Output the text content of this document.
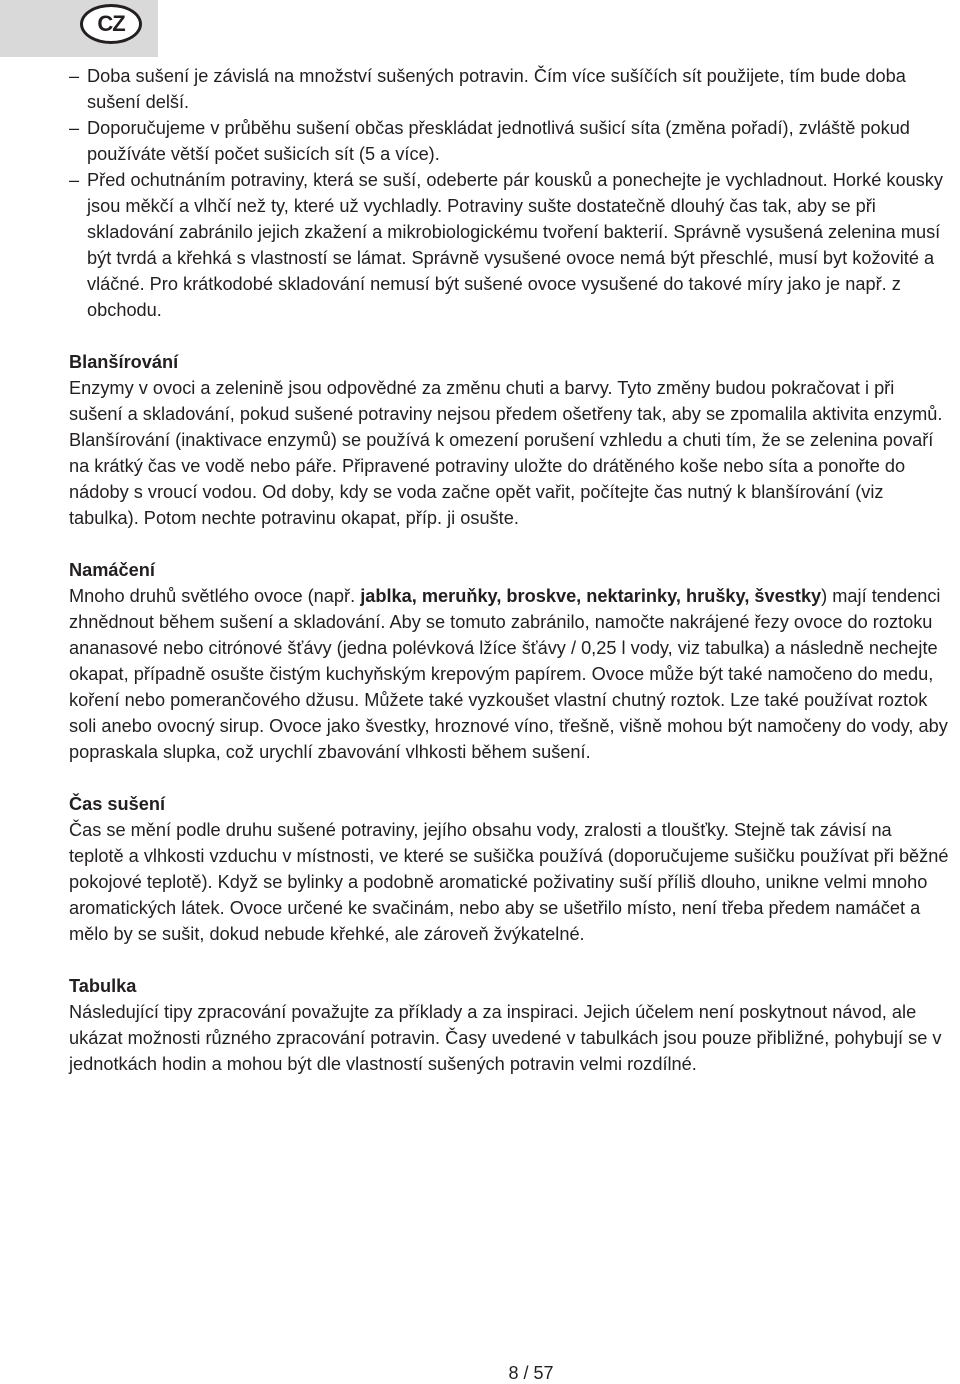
CZ
– Doba sušení je závislá na množství sušených potravin. Čím více sušíčích sít použijete, tím bude doba sušení delší.
– Doporučujeme v průběhu sušení občas přeskládat jednotlivá sušicí síta (změna pořadí), zvláště pokud používáte větší počet sušicích sít (5 a více).
– Před ochutnáním potraviny, která se suší, odeberte pár kousků a ponechejte je vychladnout. Horké kousky jsou měkčí a vlhčí než ty, které už vychladly. Potraviny sušte dostatečně dlouhý čas tak, aby se při skladování zabránilo jejich zkažení a mikrobiologickému tvoření bakterií. Správně vysušená zelenina musí být tvrdá a křehká s vlastností se lámat. Správně vysušené ovoce nemá být přeschlé, musí byt kožovité a vláčné. Pro krátkodobé skladování nemusí být sušené ovoce vysušené do takové míry jako je např. z obchodu.
Blanšírování

Enzymy v ovoci a zelenině jsou odpovědné za změnu chuti a barvy. Tyto změny budou pokračovat i při sušení a skladování, pokud sušené potraviny nejsou předem ošetřeny tak, aby se zpomalila aktivita enzymů. Blanšírování (inaktivace enzymů) se používá k omezení porušení vzhledu a chuti tím, že se zelenina povaří na krátký čas ve vodě nebo páře. Připravené potraviny uložte do drátěného koše nebo síta a ponořte do nádoby s vroucí vodou. Od doby, kdy se voda začne opět vařit, počítejte čas nutný k blanšírování (viz tabulka). Potom nechte potravinu okapat, příp. ji osušte.

Namáčení

Mnoho druhů světlého ovoce (např. jablka, meruňky, broskve, nektarinky, hrušky, švestky) mají tendenci zhnědnout během sušení a skladování. Aby se tomuto zabránilo, namočte nakrájené řezy ovoce do roztoku ananasové nebo citrónové šťávy (jedna polévková lžíce šťávy / 0,25 l vody, viz tabulka) a následně nechejte okapat, případně osušte čistým kuchyňským krepovým papírem. Ovoce může být také namočeno do medu, koření nebo pomerančového džusu. Můžete také vyzkoušet vlastní chutný roztok. Lze také používat roztok soli anebo ovocný sirup. Ovoce jako švestky, hroznové víno, třešně, višně mohou být namočeny do vody, aby popraskala slupka, což urychlí zbavování vlhkosti během sušení.

Čas sušení

Čas se mění podle druhu sušené potraviny, jejího obsahu vody, zralosti a tloušťky. Stejně tak závisí na teplotě a vlhkosti vzduchu v místnosti, ve které se sušička používá (doporučujeme sušičku používat při běžné pokojové teplotě). Když se bylinky a podobně aromatické poživatiny suší příliš dlouho, unikne velmi mnoho aromatických látek. Ovoce určené ke svačinám, nebo aby se ušetřilo místo, není třeba předem namáčet a mělo by se sušit, dokud nebude křehké, ale zároveň žvýkatelné.

Tabulka

Následující tipy zpracování považujte za příklady a za inspiraci. Jejich účelem není poskytnout návod, ale ukázat možnosti různého zpracování potravin. Časy uvedené v tabulkách jsou pouze přibližné, pohybují se v jednotkách hodin a mohou být dle vlastností sušených potravin velmi rozdílné.

8 / 57
